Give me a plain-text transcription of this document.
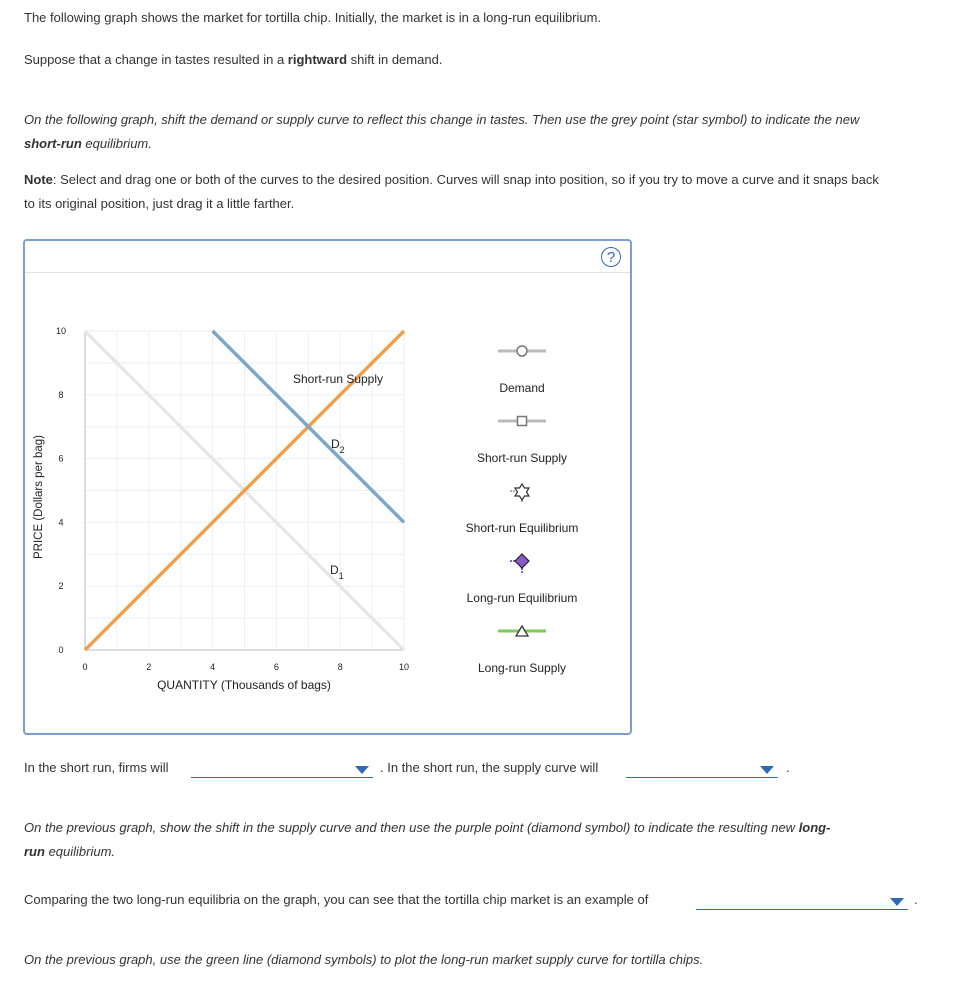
The following graph shows the market for tortilla chip. Initially, the market is in a long-run equilibrium.
Suppose that a change in tastes resulted in a rightward shift in demand.
On the following graph, shift the demand or supply curve to reflect this change in tastes. Then use the grey point (star symbol) to indicate the new
short-run equilibrium.
Note: Select and drag one or both of the curves to the desired position. Curves will snap into position, so if you try to move a curve and it snaps back
to its original position, just drag it a little farther.
?
0	2	4	6	8	10
0
2
4
6
8
10
PRICE (Dollars per bag)
QUANTITY (Thousands of bags)
Short-run Supply
$D_2$
$D_1$
Demand
Short-run Supply
Short-run Equilibrium
Long-run Equilibrium
Long-run Supply
In the short run, firms will	. In the short run, the supply curve will	.
On the previous graph, show the shift in the supply curve and then use the purple point (diamond symbol) to indicate the resulting new long-
run equilibrium.
Comparing the two long-run equilibria on the graph, you can see that the tortilla chip market is an example of	.
On the previous graph, use the green line (diamond symbols) to plot the long-run market supply curve for tortilla chips.
